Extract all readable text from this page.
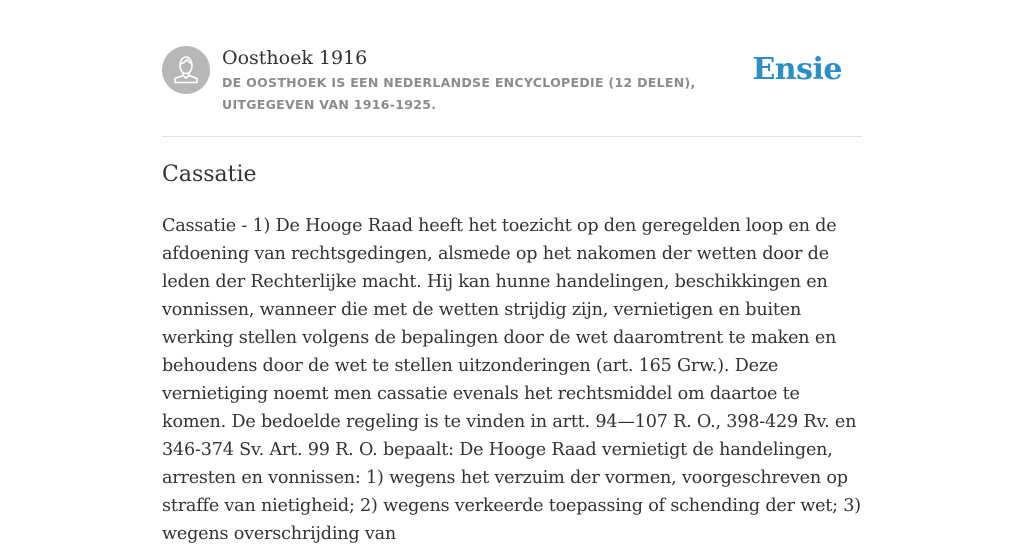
Oosthoek 1916
DE OOSTHOEK IS EEN NEDERLANDSE ENCYCLOPEDIE (12 DELEN), UITGEGEVEN VAN 1916-1925.
Ensie
Cassatie

Cassatie - 1) De Hooge Raad heeft het toezicht op den geregelden loop en de afdoening van rechtsgedingen, alsmede op het nakomen der wetten door de leden der Rechterlijke macht. Hij kan hunne handelingen, beschikkingen en vonnissen, wanneer die met de wetten strijdig zijn, vernietigen en buiten werking stellen volgens de bepalingen door de wet daaromtrent te maken en behoudens door de wet te stellen uitzonderingen (art. 165 Grw.). Deze vernietiging noemt men cassatie evenals het rechtsmiddel om daartoe te komen. De bedoelde regeling is te vinden in artt. 94—107 R. O., 398-429 Rv. en 346-374 Sv. Art. 99 R. O. bepaalt: De Hooge Raad vernietigt de handelingen, arresten en vonnissen: 1) wegens het verzuim der vormen, voorgeschreven op straffe van nietigheid; 2) wegens verkeerde toepassing of schending der wet; 3) wegens overschrijding van
